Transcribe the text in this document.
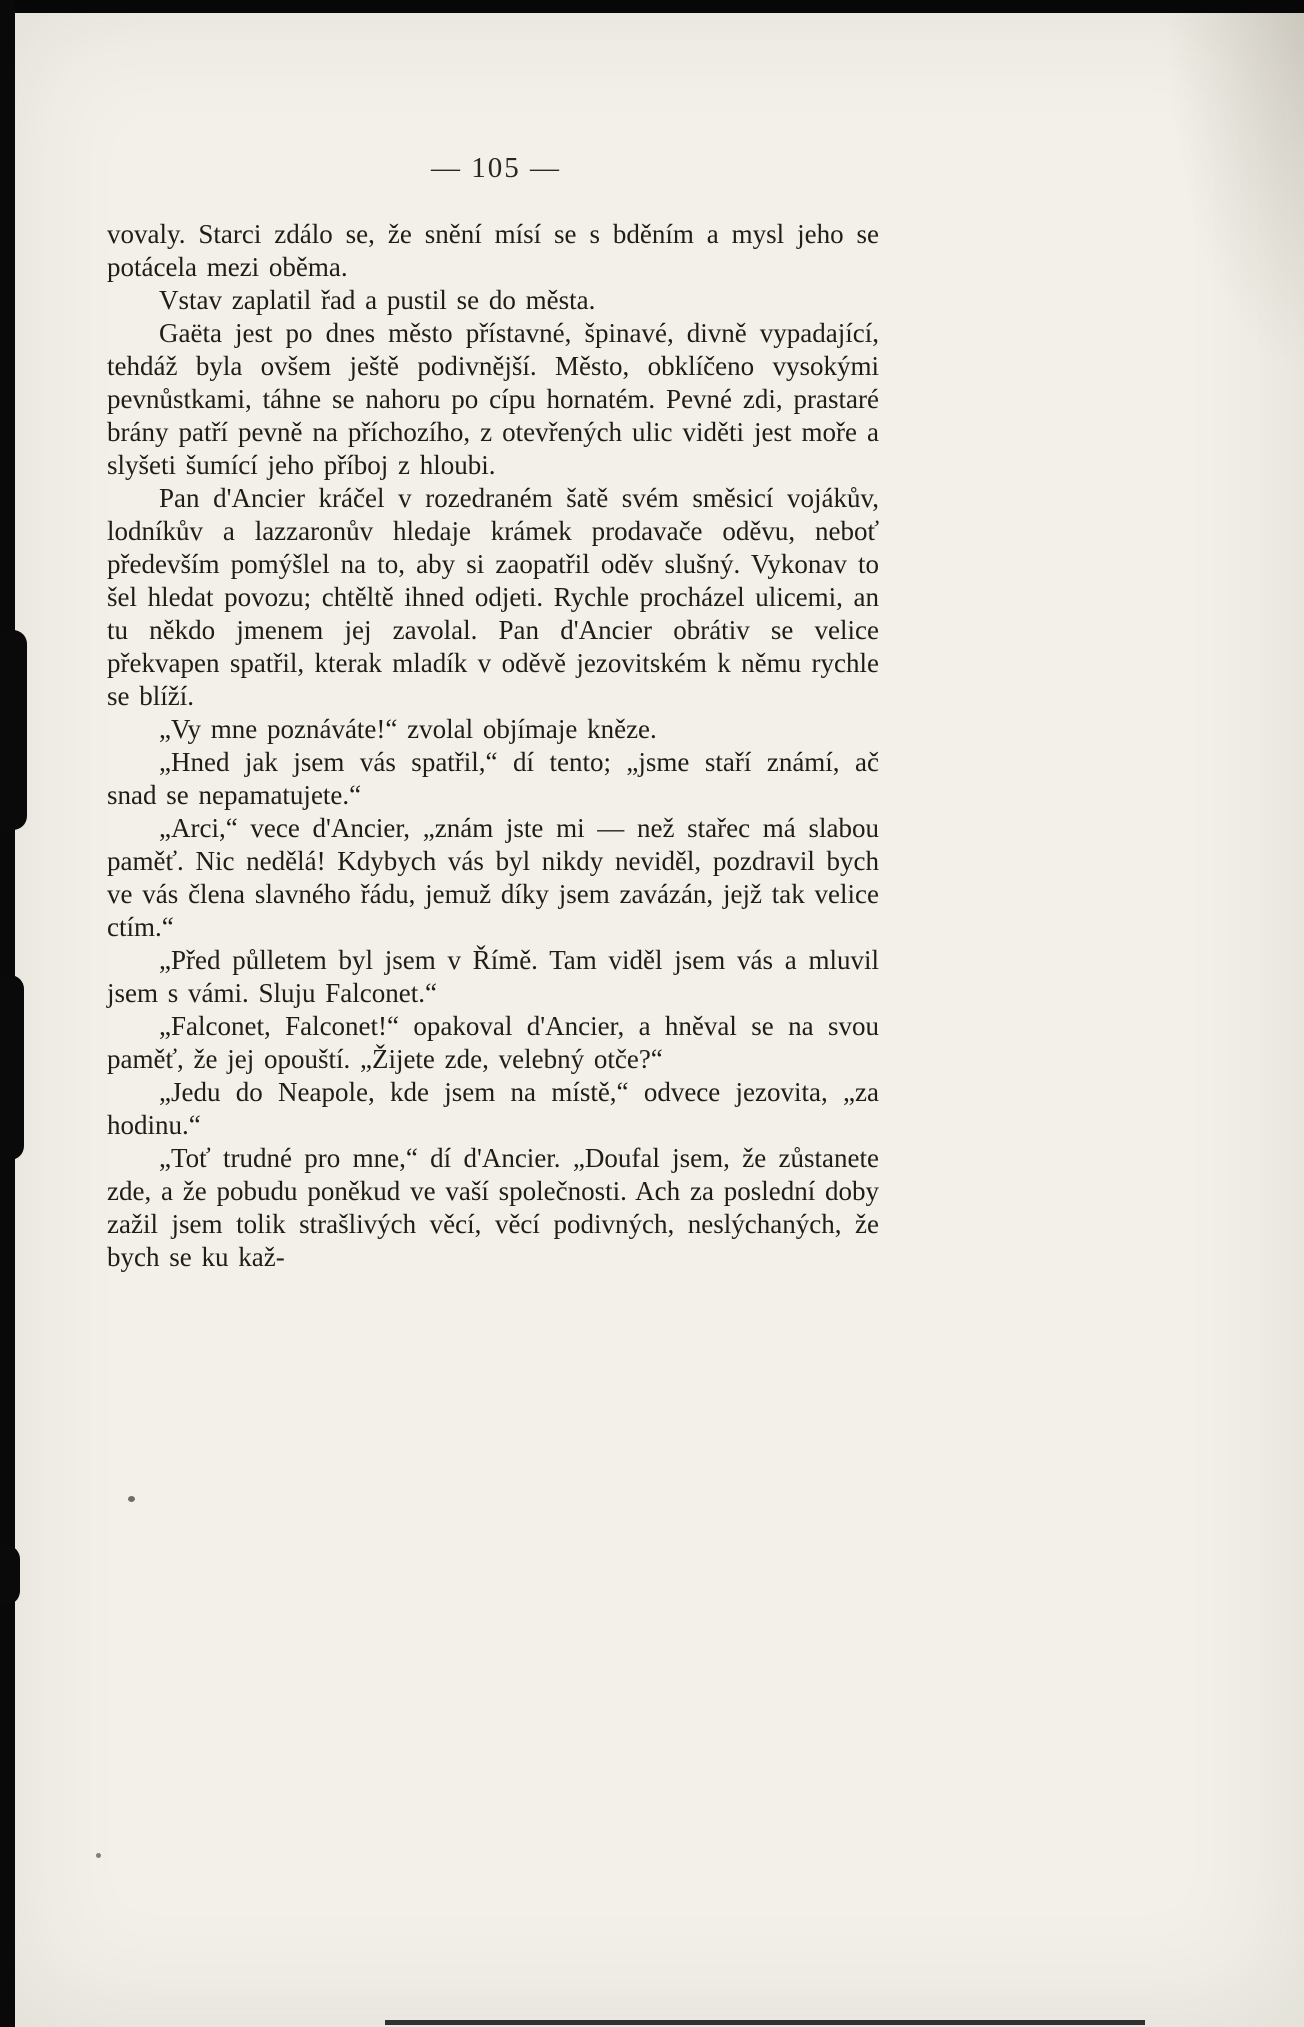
— 105 —

vovaly. Starci zdálo se, že snění mísí se s bděním a mysl jeho se potácela mezi oběma.

Vstav zaplatil řad a pustil se do města.

Gaëta jest po dnes město přístavné, špinavé, divně vypadající, tehdáž byla ovšem ještě podivnější. Město, obklíčeno vysokými pevnůstkami, táhne se nahoru po cípu hornatém. Pevné zdi, prastaré brány patří pevně na příchozího, z otevřených ulic viděti jest moře a slyšeti šumící jeho příboj z hloubi.

Pan d'Ancier kráčel v rozedraném šatě svém směsicí vojákův, lodníkův a lazzaronův hledaje krámek prodavače oděvu, neboť především pomýšlel na to, aby si zaopatřil oděv slušný. Vykonav to šel hledat povozu; chtěltě ihned odjeti. Rychle procházel ulicemi, an tu někdo jmenem jej zavolal. Pan d'Ancier obrátiv se velice překvapen spatřil, kterak mladík v oděvě jezovitském k němu rychle se blíží.

„Vy mne poznáváte!“ zvolal objímaje kněze.

„Hned jak jsem vás spatřil,“ dí tento; „jsme staří známí, ač snad se nepamatujete.“

„Arci,“ vece d'Ancier, „znám jste mi — než stařec má slabou paměť. Nic nedělá! Kdybych vás byl nikdy neviděl, pozdravil bych ve vás člena slavného řádu, jemuž díky jsem zavázán, jejž tak velice ctím.“

„Před půlletem byl jsem v Římě. Tam viděl jsem vás a mluvil jsem s vámi. Sluju Falconet.“

„Falconet, Falconet!“ opakoval d'Ancier, a hněval se na svou paměť, že jej opouští. „Žijete zde, velebný otče?“

„Jedu do Neapole, kde jsem na místě,“ odvece jezovita, „za hodinu.“

„Toť trudné pro mne,“ dí d'Ancier. „Doufal jsem, že zůstanete zde, a že pobudu poněkud ve vaší společnosti. Ach za poslední doby zažil jsem tolik strašlivých věcí, věcí podivných, neslýchaných, že bych se ku kaž-
